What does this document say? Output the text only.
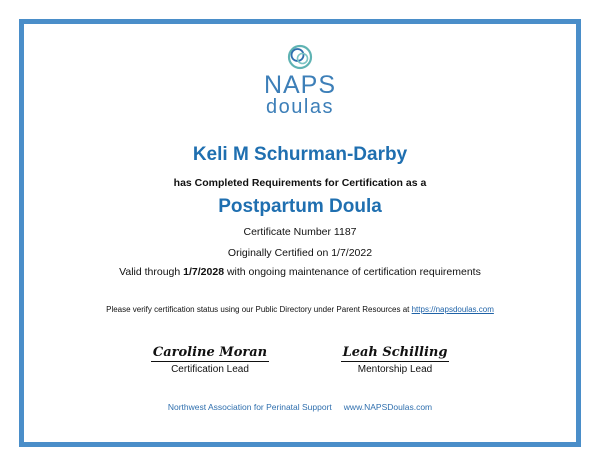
NAPS
doulas
Keli M Schurman-Darby
has Completed Requirements for Certification as a
Postpartum Doula
Certificate Number 1187
Originally Certified on 1/7/2022
Valid through 1/7/2028 with ongoing maintenance of certification requirements
Please verify certification status using our Public Directory under Parent Resources at https://napsdoulas.com
Caroline Moran
Certification Lead
Leah Schilling
Mentorship Lead
Northwest Association for Perinatal Support www.NAPSDoulas.com
